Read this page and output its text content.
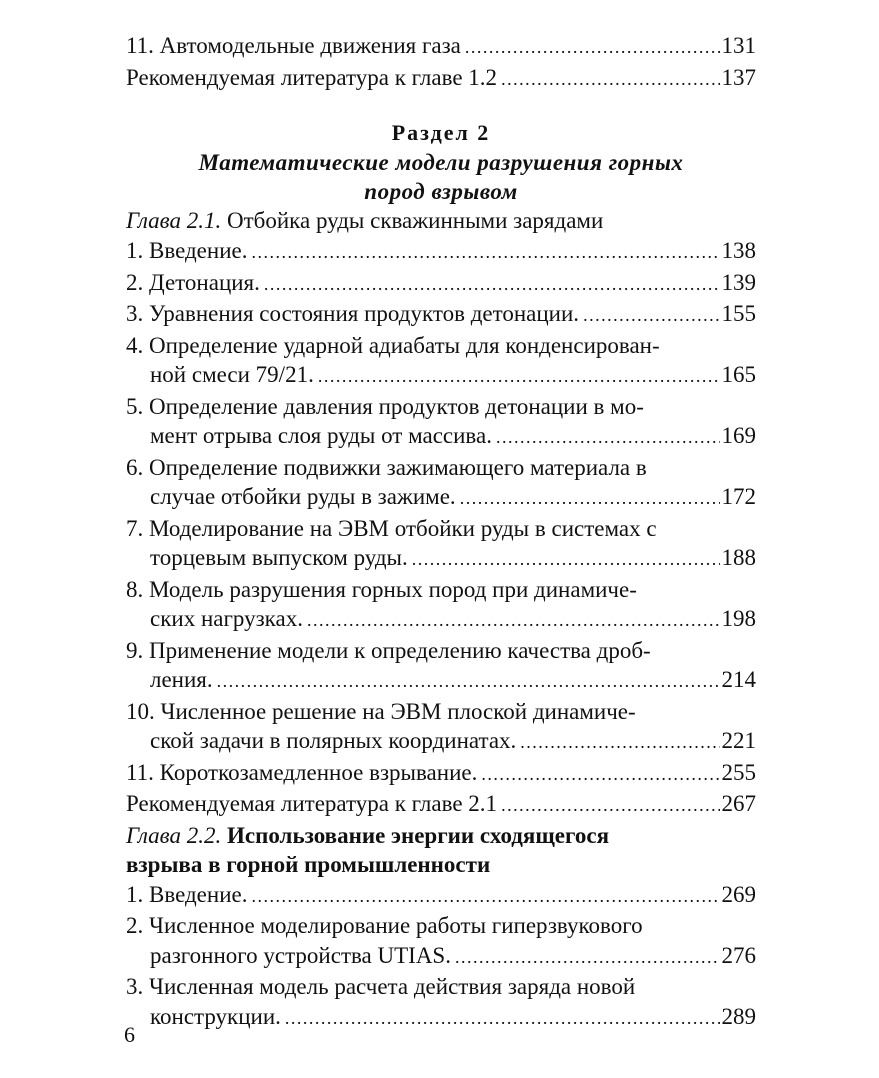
11. Автомодельные движения газа .....	131
Рекомендуемая литература к главе 1.2 .....	137
Раздел 2
Математические модели разрушения горных
пород взрывом
Глава 2.1. Отбойка руды скважинными зарядами
1. Введение. .....	138
2. Детонация. .....	139
3. Уравнения состояния продуктов детонации. .....	155
4. Определение ударной адиабаты для конденсирован-
ной смеси 79/21. .....	165
5. Определение давления продуктов детонации в мо-
мент отрыва слоя руды от массива. .....	169
6. Определение подвижки зажимающего материала в
случае отбойки руды в зажиме. .....	172
7. Моделирование на ЭВМ отбойки руды в системах с
торцевым выпуском руды. .....	188
8. Модель разрушения горных пород при динамиче-
ских нагрузках. .....	198
9. Применение модели к определению качества дроб-
ления. .....	214
10. Численное решение на ЭВМ плоской динамиче-
ской задачи в полярных координатах. .....	221
11. Короткозамедленное взрывание. .....	255
Рекомендуемая литература к главе 2.1 .....	267
Глава 2.2. Использование энергии сходящегося
взрыва в горной промышленности
1. Введение. .....	269
2. Численное моделирование работы гиперзвукового
разгонного устройства UTIAS. .....	276
3. Численная модель расчета действия заряда новой
конструкции. .....	289
6
